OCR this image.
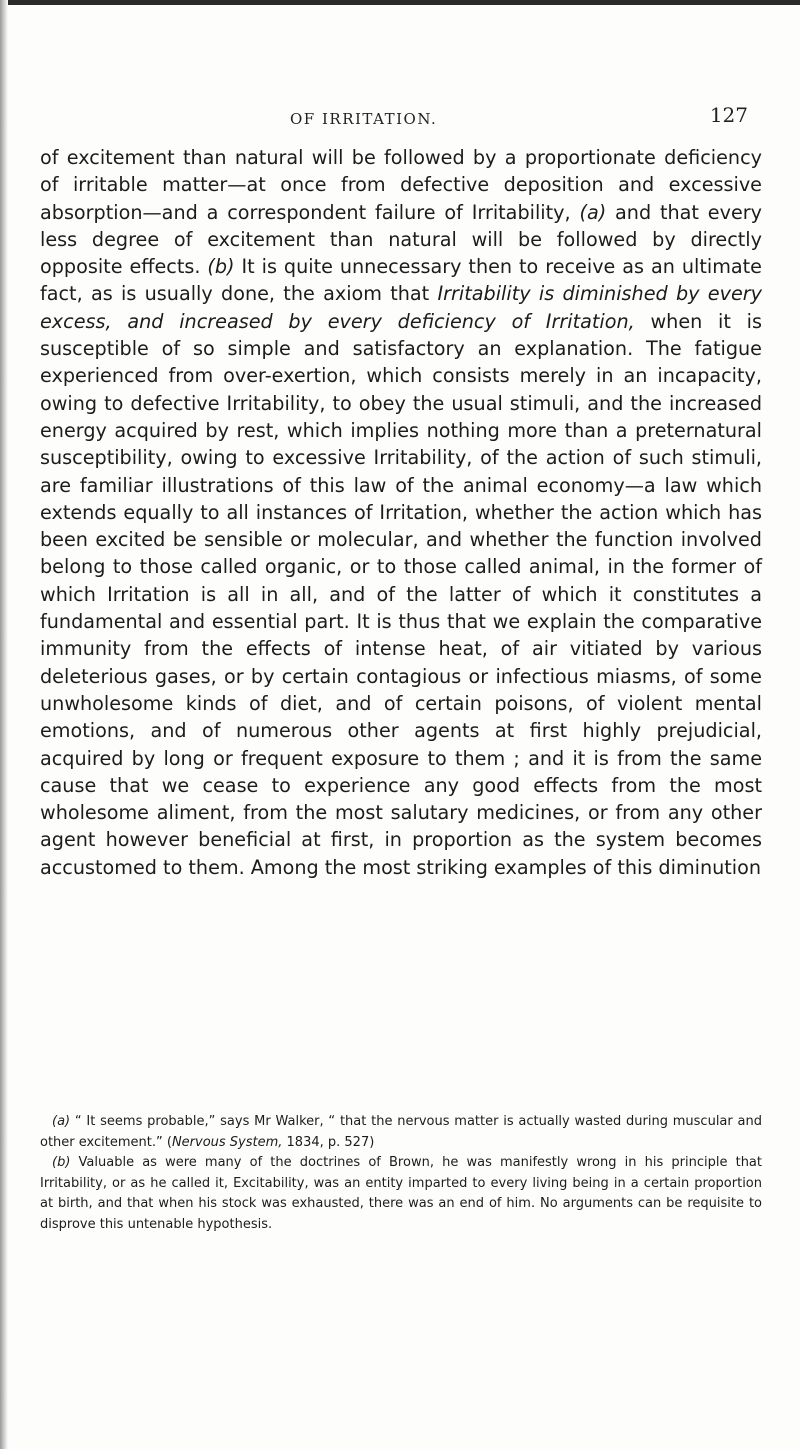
OF IRRITATION.	127

of excitement than natural will be followed by a proportionate deficiency of irritable matter—at once from defective deposition and excessive absorption—and a correspondent failure of Irritability, (a) and that every less degree of excitement than natural will be followed by directly opposite effects. (b) It is quite unnecessary then to receive as an ultimate fact, as is usually done, the axiom that Irritability is diminished by every excess, and increased by every deficiency of Irritation, when it is susceptible of so simple and satisfactory an explanation. The fatigue experienced from over-exertion, which consists merely in an incapacity, owing to defective Irritability, to obey the usual stimuli, and the increased energy acquired by rest, which implies nothing more than a preternatural susceptibility, owing to excessive Irritability, of the action of such stimuli, are familiar illustrations of this law of the animal economy—a law which extends equally to all instances of Irritation, whether the action which has been excited be sensible or molecular, and whether the function involved belong to those called organic, or to those called animal, in the former of which Irritation is all in all, and of the latter of which it constitutes a fundamental and essential part. It is thus that we explain the comparative immunity from the effects of intense heat, of air vitiated by various deleterious gases, or by certain contagious or infectious miasms, of some unwholesome kinds of diet, and of certain poisons, of violent mental emotions, and of numerous other agents at first highly prejudicial, acquired by long or frequent exposure to them ; and it is from the same cause that we cease to experience any good effects from the most wholesome aliment, from the most salutary medicines, or from any other agent however beneficial at first, in proportion as the system becomes accustomed to them. Among the most striking examples of this diminution

(a) “ It seems probable,” says Mr Walker, “ that the nervous matter is actually wasted during muscular and other excitement.” (Nervous System, 1834, p. 527)

(b) Valuable as were many of the doctrines of Brown, he was manifestly wrong in his principle that Irritability, or as he called it, Excitability, was an entity imparted to every living being in a certain proportion at birth, and that when his stock was exhausted, there was an end of him. No arguments can be requisite to disprove this untenable hypothesis.
